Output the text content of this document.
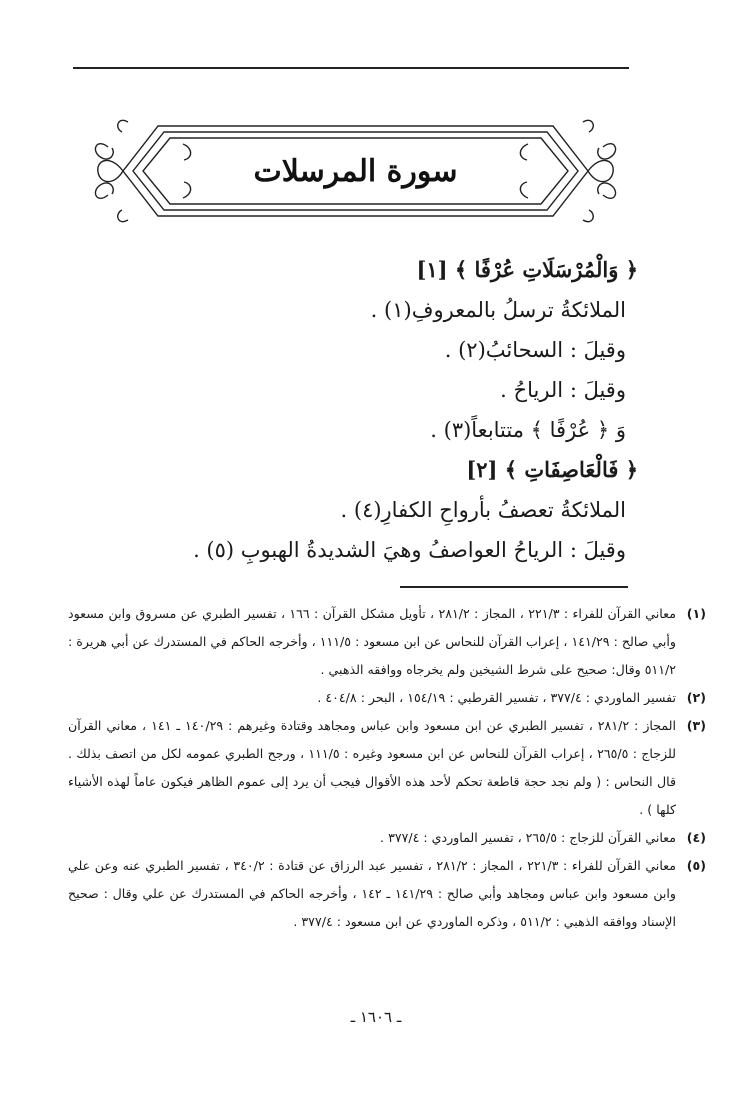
سورة المرسلات
﴿ وَالْمُرْسَلَاتِ عُرْفًا ﴾ [١]
الملائكةُ ترسلُ بالمعروفِ(١) .
وقيلَ : السحائبُ(٢) .
وقيلَ : الرياحُ .
وَ ﴿ عُرْفًا ﴾ متتابعاً(٣) .
﴿ فَالْعَاصِفَاتِ ﴾ [٢]
الملائكةُ تعصفُ بأرواحِ الكفارِ(٤) .
وقيلَ : الرياحُ العواصفُ وهيَ الشديدةُ الهبوبِ (٥) .
(١)
معاني القرآن للفراء : ٢٢١/٣ ، المجاز : ٢٨١/٢ ، تأويل مشكل القرآن : ١٦٦ ، تفسير الطبري عن مسروق وابن مسعود وأبي صالح : ١٤١/٢٩ ، إعراب القرآن للنحاس عن ابن مسعود : ١١١/٥ ، وأخرجه الحاكم في المستدرك عن أبي هريرة : ٥١١/٢ وقال: صحيح على شرط الشيخين ولم يخرجاه ووافقه الذهبي .
(٢)
تفسير الماوردي : ٣٧٧/٤ ، تفسير القرطبي : ١٥٤/١٩ ، البحر : ٤٠٤/٨ .
(٣)
المجاز : ٢٨١/٢ ، تفسير الطبري عن ابن مسعود وابن عباس ومجاهد وقتادة وغيرهم : ١٤٠/٢٩ ـ ١٤١ ، معاني القرآن للزجاج : ٢٦٥/٥ ، إعراب القرآن للنحاس عن ابن مسعود وغيره : ١١١/٥ ، ورجح الطبري عمومه لكل من اتصف بذلك . قال النحاس : ( ولم نجد حجة قاطعة تحكم لأحد هذه الأقوال فيجب أن يرد إلى عموم الظاهر فيكون عاماً لهذه الأشياء كلها ) .
(٤)
معاني القرآن للزجاج : ٢٦٥/٥ ، تفسير الماوردي : ٣٧٧/٤ .
(٥)
معاني القرآن للفراء : ٢٢١/٣ ، المجاز : ٢٨١/٢ ، تفسير عبد الرزاق عن قتادة : ٣٤٠/٢ ، تفسير الطبري عنه وعن علي وابن مسعود وابن عباس ومجاهد وأبي صالح : ١٤١/٢٩ ـ ١٤٢ ، وأخرجه الحاكم في المستدرك عن علي وقال : صحيح الإسناد ووافقه الذهبي : ٥١١/٢ ، وذكره الماوردي عن ابن مسعود : ٣٧٧/٤ .
ـ ١٦٠٦ ـ
